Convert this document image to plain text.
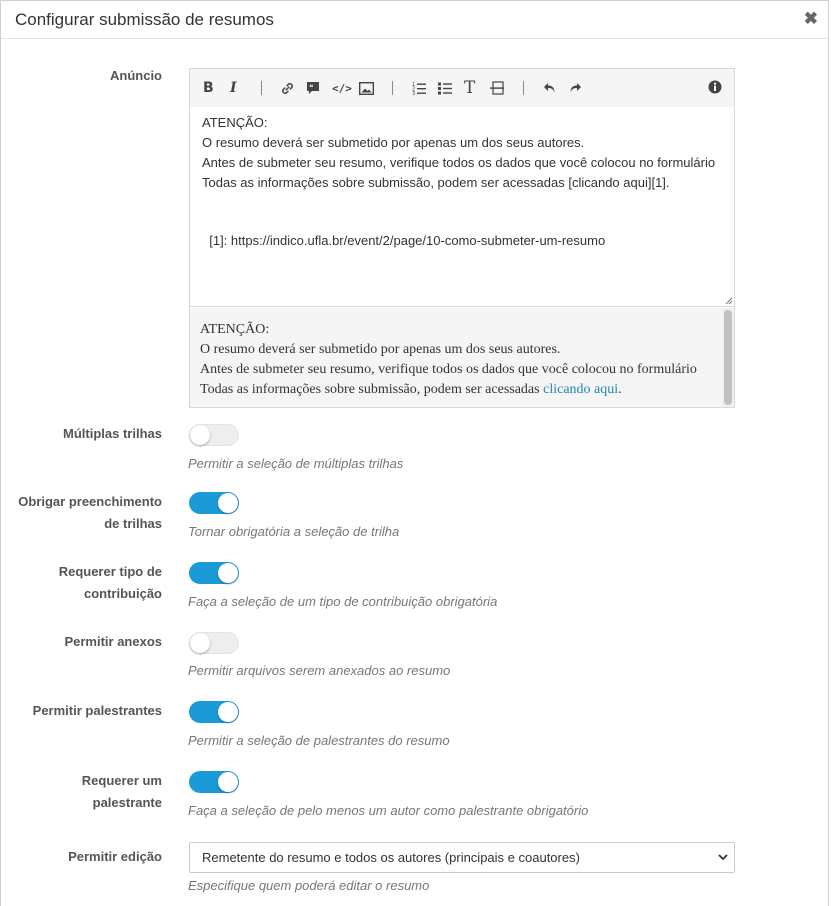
Configurar submissão de resumos	✖
Anúncio
B I	❝ </>	1
2
3	T
ATENÇÃO:
O resumo deverá ser submetido por apenas um dos seus autores.
Antes de submeter seu resumo, verifique todos os dados que você colocou no formulário
Todas as informações sobre submissão, podem ser acessadas [clicando aqui][1].

[1]: https://indico.ufla.br/event/2/page/10-como-submeter-um-resumo
ATENÇÃO:
O resumo deverá ser submetido por apenas um dos seus autores.
Antes de submeter seu resumo, verifique todos os dados que você colocou no formulário
Todas as informações sobre submissão, podem ser acessadas clicando aqui.
Múltiplas trilhas
Permitir a seleção de múltiplas trilhas
Obrigar preenchimento
de trilhas
Tornar obrigatória a seleção de trilha
Requerer tipo de
contribuição
Faça a seleção de um tipo de contribuição obrigatória
Permitir anexos
Permitir arquivos serem anexados ao resumo
Permitir palestrantes
Permitir a seleção de palestrantes do resumo
Requerer um
palestrante
Faça a seleção de pelo menos um autor como palestrante obrigatório
Permitir edição	Remetente do resumo e todos os autores (principais e coautores)
Especifique quem poderá editar o resumo
